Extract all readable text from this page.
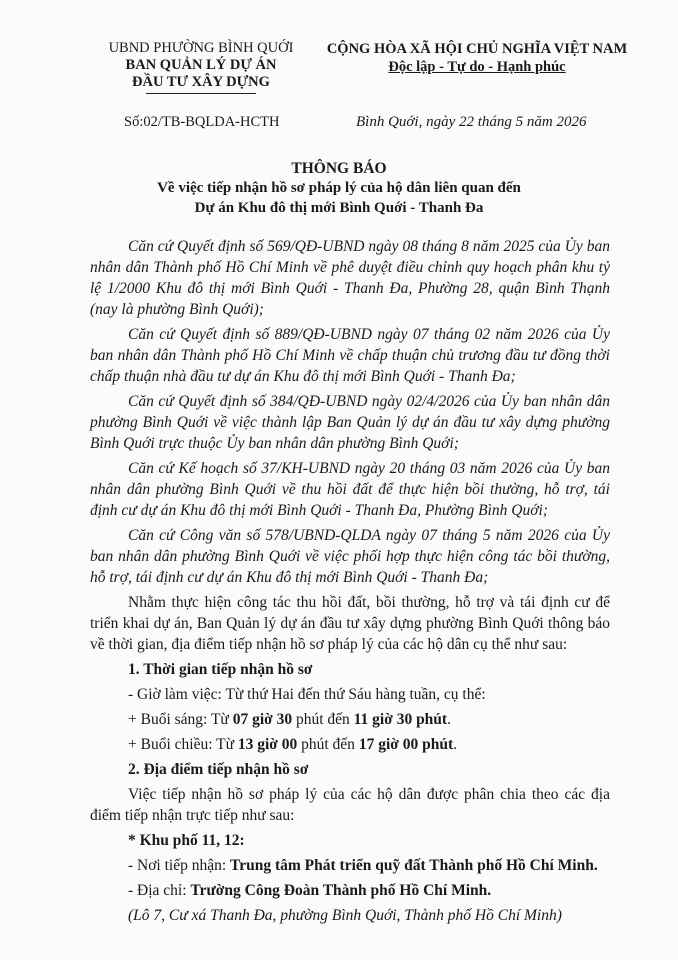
UBND PHƯỜNG BÌNH QUỚI
BAN QUẢN LÝ DỰ ÁN
ĐẦU TƯ XÂY DỰNG
CỘNG HÒA XÃ HỘI CHỦ NGHĨA VIỆT NAM
Độc lập - Tự do - Hạnh phúc
Số:02/TB-BQLDA-HCTH	Bình Quới, ngày 22 tháng 5 năm 2026
THÔNG BÁO
Về việc tiếp nhận hồ sơ pháp lý của hộ dân liên quan đến
Dự án Khu đô thị mới Bình Quới - Thanh Đa

Căn cứ Quyết định số 569/QĐ-UBND ngày 08 tháng 8 năm 2025 của Ủy ban nhân dân Thành phố Hồ Chí Minh về phê duyệt điều chỉnh quy hoạch phân khu tỷ lệ 1/2000 Khu đô thị mới Bình Quới - Thanh Đa, Phường 28, quận Bình Thạnh (nay là phường Bình Quới);

Căn cứ Quyết định số 889/QĐ-UBND ngày 07 tháng 02 năm 2026 của Ủy ban nhân dân Thành phố Hồ Chí Minh về chấp thuận chủ trương đầu tư đồng thời chấp thuận nhà đầu tư dự án Khu đô thị mới Bình Quới - Thanh Đa;

Căn cứ Quyết định số 384/QĐ-UBND ngày 02/4/2026 của Ủy ban nhân dân phường Bình Quới về việc thành lập Ban Quản lý dự án đầu tư xây dựng phường Bình Quới trực thuộc Ủy ban nhân dân phường Bình Quới;

Căn cứ Kế hoạch số 37/KH-UBND ngày 20 tháng 03 năm 2026 của Ủy ban nhân dân phường Bình Quới về thu hồi đất để thực hiện bồi thường, hỗ trợ, tái định cư dự án Khu đô thị mới Bình Quới - Thanh Đa, Phường Bình Quới;

Căn cứ Công văn số 578/UBND-QLDA ngày 07 tháng 5 năm 2026 của Ủy ban nhân dân phường Bình Quới về việc phối hợp thực hiện công tác bồi thường, hỗ trợ, tái định cư dự án Khu đô thị mới Bình Quới - Thanh Đa;

Nhằm thực hiện công tác thu hồi đất, bồi thường, hỗ trợ và tái định cư để triển khai dự án, Ban Quản lý dự án đầu tư xây dựng phường Bình Quới thông báo về thời gian, địa điểm tiếp nhận hồ sơ pháp lý của các hộ dân cụ thể như sau:

1. Thời gian tiếp nhận hồ sơ

- Giờ làm việc: Từ thứ Hai đến thứ Sáu hàng tuần, cụ thể:

+ Buổi sáng: Từ 07 giờ 30 phút đến 11 giờ 30 phút.

+ Buổi chiều: Từ 13 giờ 00 phút đến 17 giờ 00 phút.

2. Địa điểm tiếp nhận hồ sơ

Việc tiếp nhận hồ sơ pháp lý của các hộ dân được phân chia theo các địa điểm tiếp nhận trực tiếp như sau:

* Khu phố 11, 12:

- Nơi tiếp nhận: Trung tâm Phát triển quỹ đất Thành phố Hồ Chí Minh.

- Địa chỉ: Trường Công Đoàn Thành phố Hồ Chí Minh.

(Lô 7, Cư xá Thanh Đa, phường Bình Quới, Thành phố Hồ Chí Minh)
